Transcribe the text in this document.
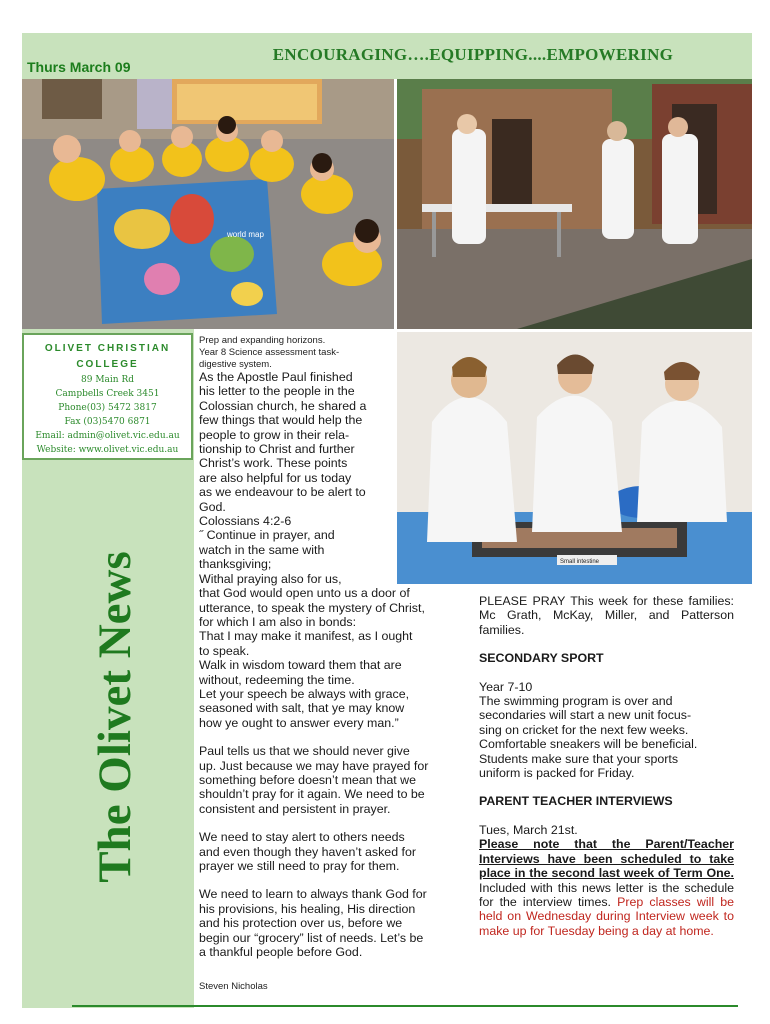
Thurs March 09
ENCOURAGING….EQUIPPING....EMPOWERING
world map
Small intestine
OLIVET CHRISTIAN
COLLEGE
89 Main Rd
Campbells Creek 3451
Phone(03) 5472 3817
Fax (03)5470 6871
Email: admin@olivet.vic.edu.au
Website: www.olivet.vic.edu.au
The Olivet News
Prep and expanding horizons.
Year 8 Science assessment task-
digestive system.

As the Apostle Paul finished

his letter to the people in the

Colossian church, he shared a

few things that would help the

people to grow in their rela-

tionship to Christ and further

Christ’s work. These points

are also helpful for us today

as we endeavour to be alert to

God.

Colossians 4:2-6

˝ Continue in prayer, and

watch in the same with

thanksgiving;

Withal praying also for us,

that God would open unto us a door of

utterance, to speak the mystery of Christ,

for which I am also in bonds:

That I may make it manifest, as I ought

to speak.

Walk in wisdom toward them that are

without, redeeming the time.

Let your speech be always with grace,

seasoned with salt, that ye may know

how ye ought to answer every man.”

Paul tells us that we should never give

up. Just because we may have prayed for

something before doesn’t mean that we

shouldn’t pray for it again. We need to be

consistent and persistent in prayer.

We need to stay alert to others needs

and even though they haven’t asked for

prayer we still need to pray for them.

We need to learn to always thank God for

his provisions, his healing, His direction

and his protection over us, before we

begin our “grocery” list of needs. Let’s be

a thankful people before God.

Steven Nicholas

PLEASE PRAY This week for these families: Mc Grath, McKay, Miller, and Patterson families.

SECONDARY SPORT

Year 7-10

The swimming program is over and

secondaries will start a new unit focus-

sing on cricket for the next few weeks.

Comfortable sneakers will be beneficial.

Students make sure that your sports

uniform is packed for Friday.

PARENT TEACHER INTERVIEWS

Tues, March 21st.

Please note that the Parent/Teacher Interviews have been scheduled to take place in the second last week of Term One. Included with this news letter is the schedule for the interview times. Prep classes will be held on Wednesday during Interview week to make up for Tuesday being a day at home.
